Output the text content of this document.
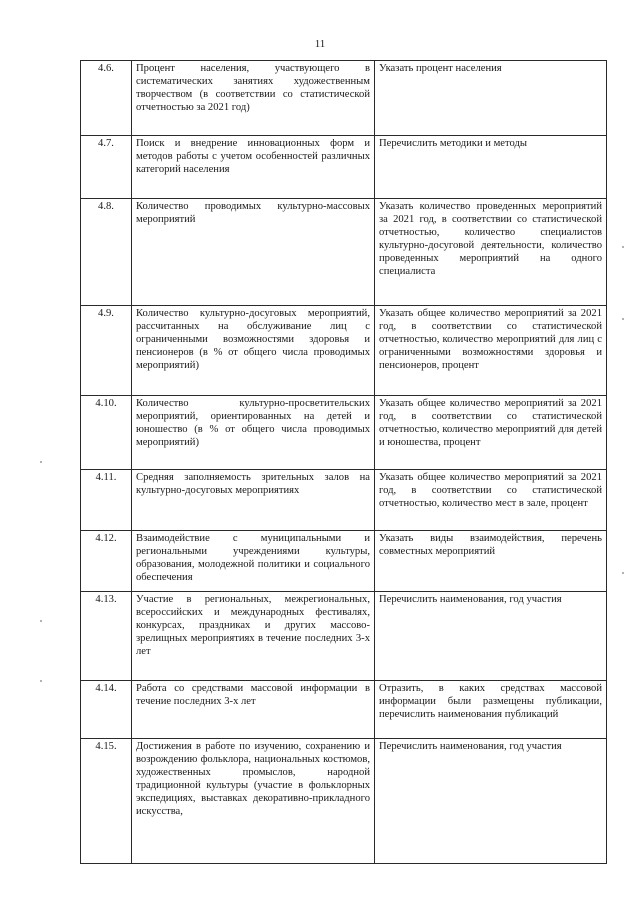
11
4.6.	Процент населения, участвующего в систематических занятиях художественным творчеством (в соответствии со статистической отчетностью за 2021 год)	Указать процент населения
4.7.	Поиск и внедрение инновационных форм и методов работы с учетом особенностей различных категорий населения	Перечислить методики и методы
4.8.	Количество проводимых культурно-массовых мероприятий	Указать количество проведенных мероприятий за 2021 год, в соответствии со статистической отчетностью, количество специалистов культурно-досуговой деятельности, количество проведенных мероприятий на одного специалиста
4.9.	Количество культурно-досуговых мероприятий, рассчитанных на обслуживание лиц с ограниченными возможностями здоровья и пенсионеров (в % от общего числа проводимых мероприятий)	Указать общее количество мероприятий за 2021 год, в соответствии со статистической отчетностью, количество мероприятий для лиц с ограниченными возможностями здоровья и пенсионеров, процент
4.10.	Количество культурно-просветительских мероприятий, ориентированных на детей и юношество (в % от общего числа проводимых мероприятий)	Указать общее количество мероприятий за 2021 год, в соответствии со статистической отчетностью, количество мероприятий для детей и юношества, процент
4.11.	Средняя заполняемость зрительных залов на культурно-досуговых мероприятиях	Указать общее количество мероприятий за 2021 год, в соответствии со статистической отчетностью, количество мест в зале, процент
4.12.	Взаимодействие с муниципальными и региональными учреждениями культуры, образования, молодежной политики и социального обеспечения	Указать виды взаимодействия, перечень совместных мероприятий
4.13.	Участие в региональных, межрегиональных, всероссийских и международных фестивалях, конкурсах, праздниках и других массово-зрелищных мероприятиях в течение последних 3-х лет	Перечислить наименования, год участия
4.14.	Работа со средствами массовой информации в течение последних 3-х лет	Отразить, в каких средствах массовой информации были размещены публикации, перечислить наименования публикаций
4.15.	Достижения в работе по изучению, сохранению и возрождению фольклора, национальных костюмов, художественных промыслов, народной традиционной культуры (участие в фольклорных экспедициях, выставках декоративно-прикладного искусства,	Перечислить наименования, год участия
